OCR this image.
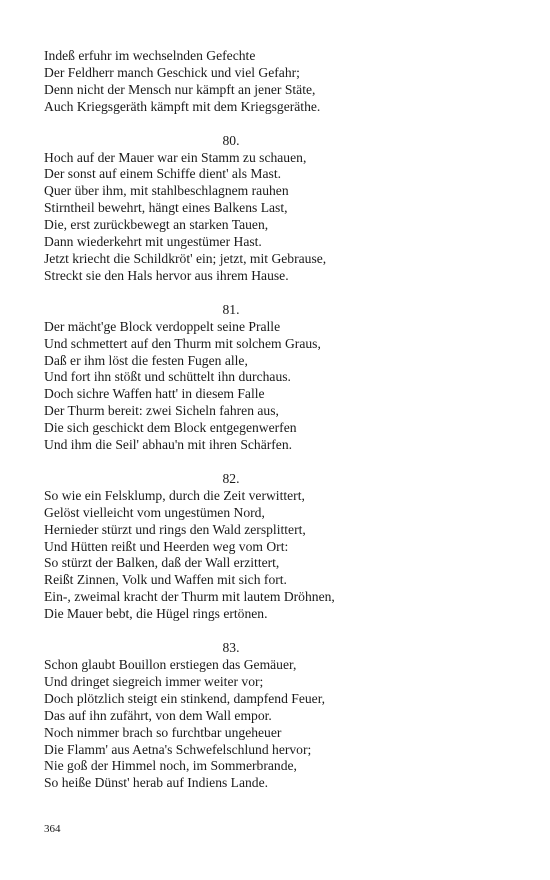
Indeß erfuhr im wechselnden Gefechte
Der Feldherr manch Geschick und viel Gefahr;
Denn nicht der Mensch nur kämpft an jener Stäte,
Auch Kriegsgeräth kämpft mit dem Kriegsgeräthe.
80.
Hoch auf der Mauer war ein Stamm zu schauen,
Der sonst auf einem Schiffe dient' als Mast.
Quer über ihm, mit stahlbeschlagnem rauhen
Stirntheil bewehrt, hängt eines Balkens Last,
Die, erst zurückbewegt an starken Tauen,
Dann wiederkehrt mit ungestümer Hast.
Jetzt kriecht die Schildkröt' ein; jetzt, mit Gebrause,
Streckt sie den Hals hervor aus ihrem Hause.
81.
Der mächt'ge Block verdoppelt seine Pralle
Und schmettert auf den Thurm mit solchem Graus,
Daß er ihm löst die festen Fugen alle,
Und fort ihn stößt und schüttelt ihn durchaus.
Doch sichre Waffen hatt' in diesem Falle
Der Thurm bereit: zwei Sicheln fahren aus,
Die sich geschickt dem Block entgegenwerfen
Und ihm die Seil' abhau'n mit ihren Schärfen.
82.
So wie ein Felsklump, durch die Zeit verwittert,
Gelöst vielleicht vom ungestümen Nord,
Hernieder stürzt und rings den Wald zersplittert,
Und Hütten reißt und Heerden weg vom Ort:
So stürzt der Balken, daß der Wall erzittert,
Reißt Zinnen, Volk und Waffen mit sich fort.
Ein-, zweimal kracht der Thurm mit lautem Dröhnen,
Die Mauer bebt, die Hügel rings ertönen.
83.
Schon glaubt Bouillon erstiegen das Gemäuer,
Und dringet siegreich immer weiter vor;
Doch plötzlich steigt ein stinkend, dampfend Feuer,
Das auf ihn zufährt, von dem Wall empor.
Noch nimmer brach so furchtbar ungeheuer
Die Flamm' aus Aetna's Schwefelschlund hervor;
Nie goß der Himmel noch, im Sommerbrande,
So heiße Dünst' herab auf Indiens Lande.
364
